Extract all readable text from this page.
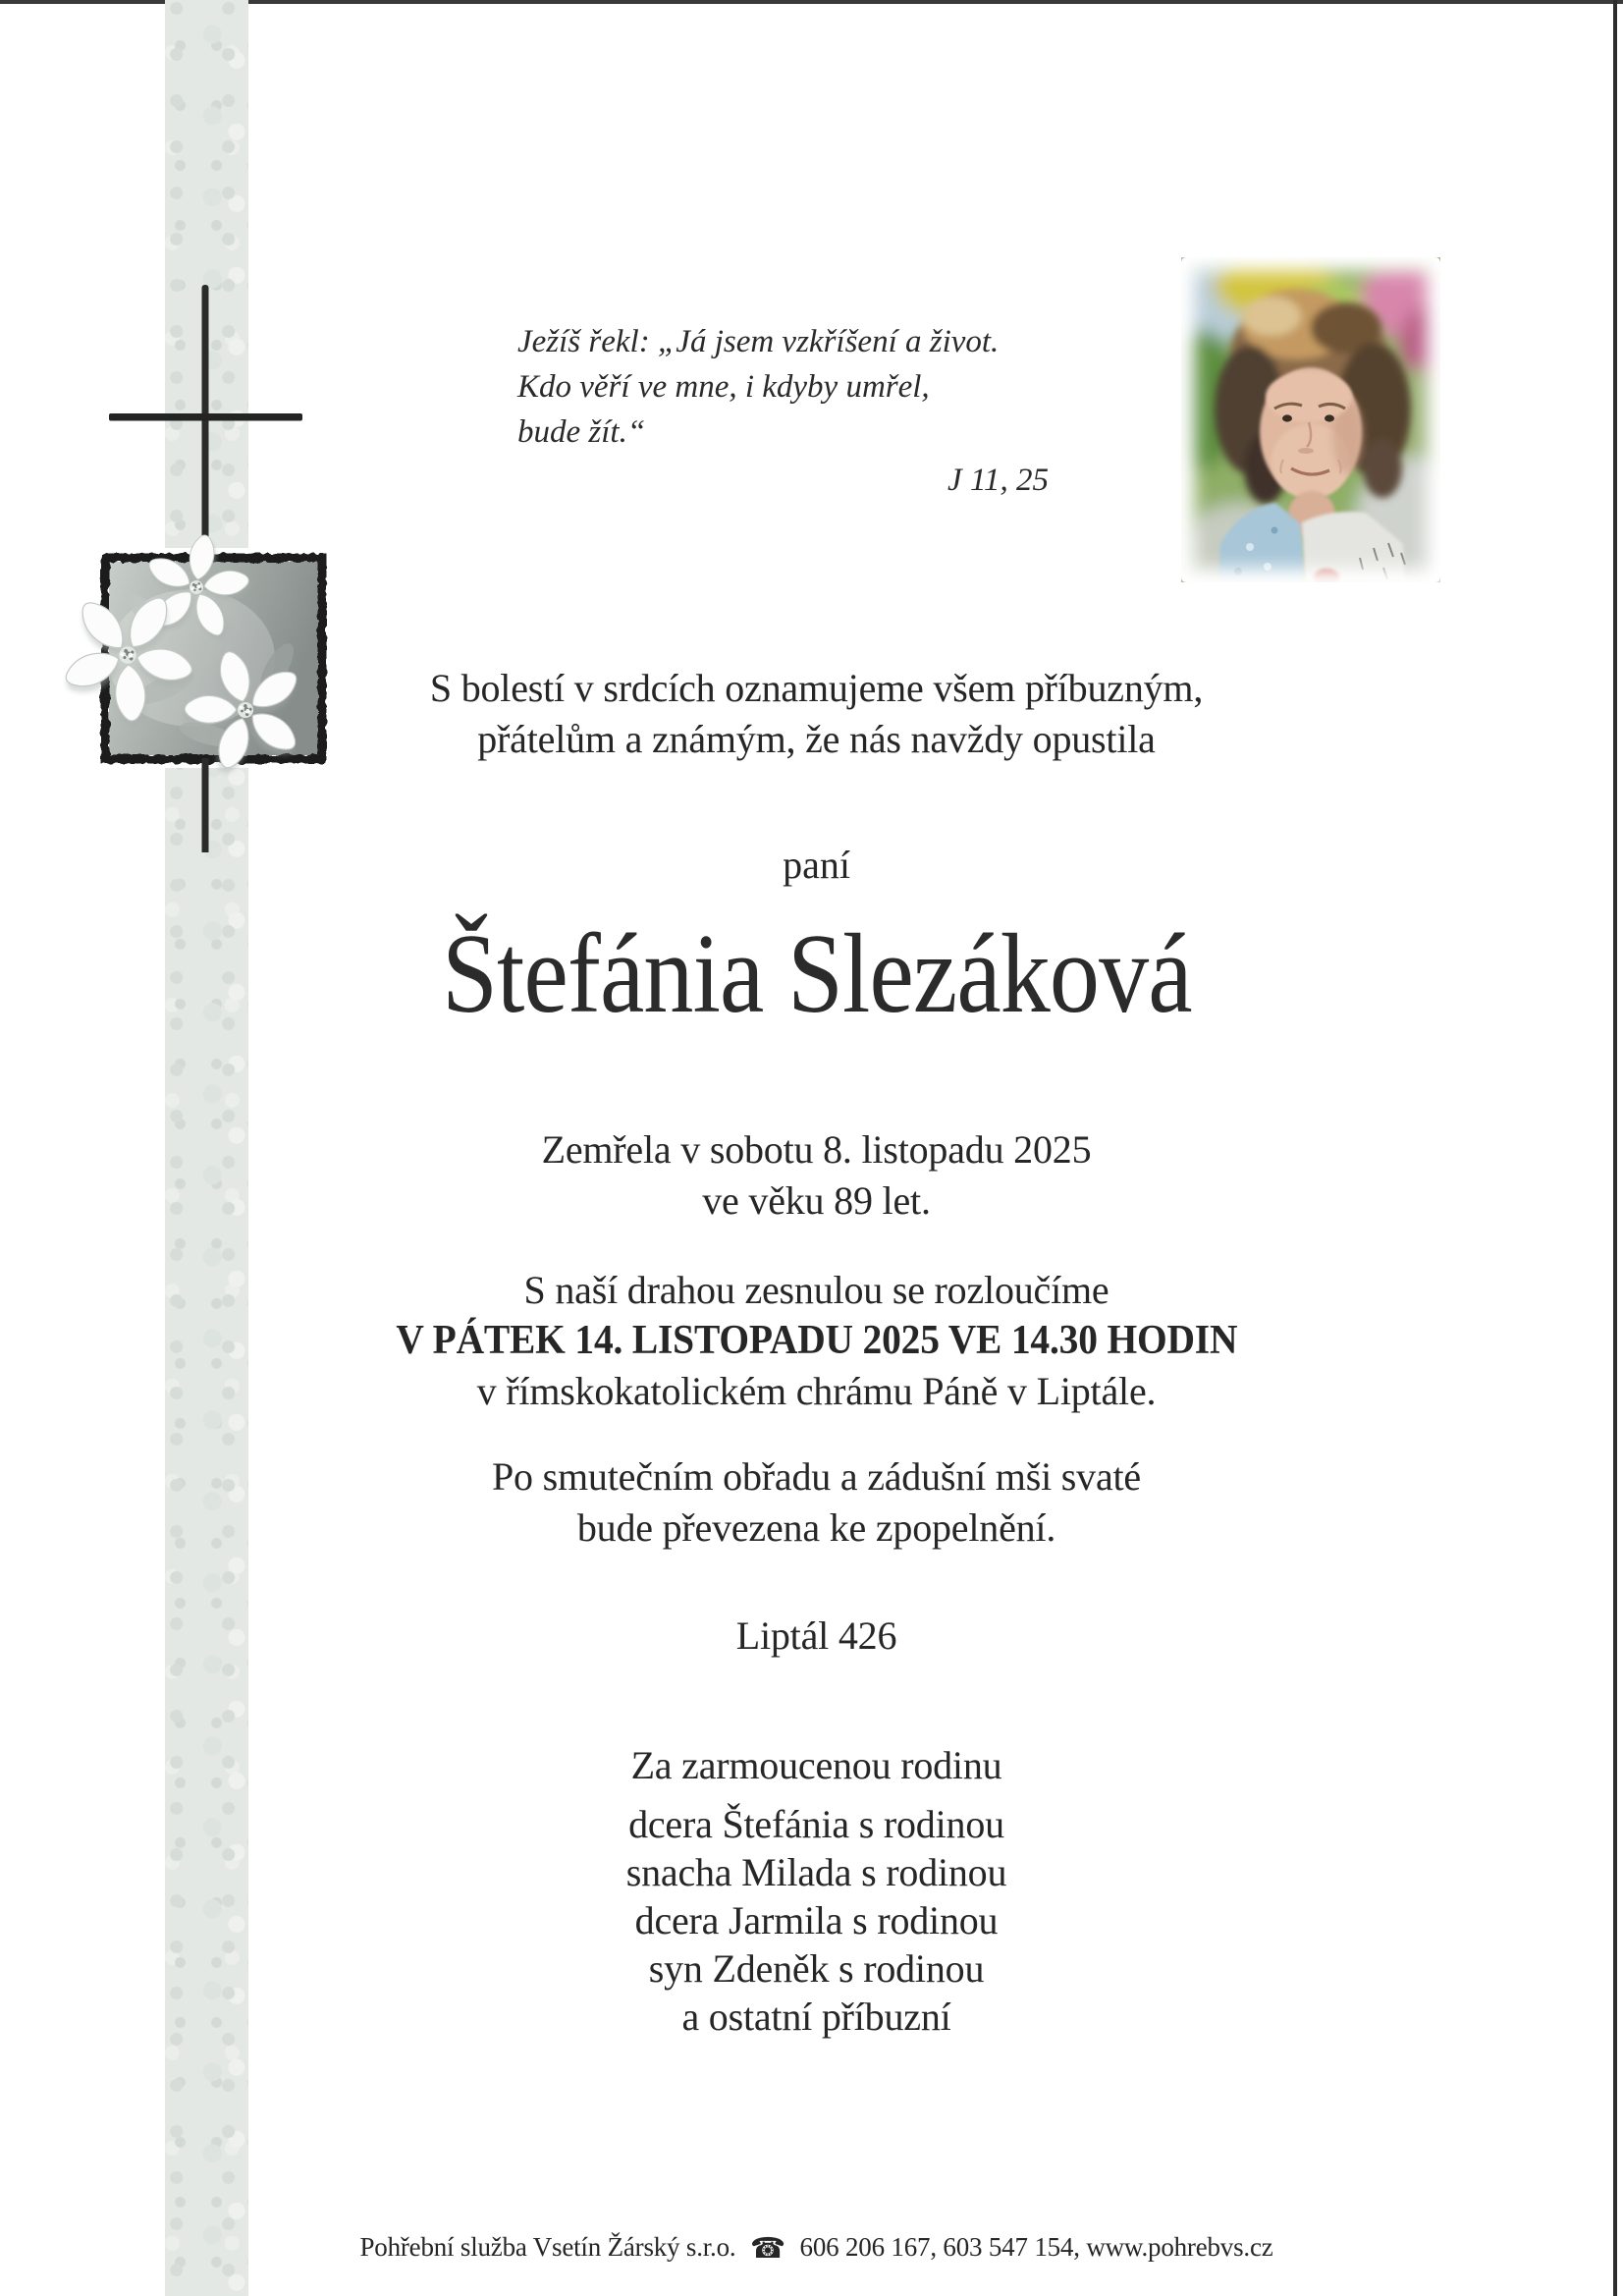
Ježíš řekl: „Já jsem vzkříšení a život.
Kdo věří ve mne, i kdyby umřel,
bude žít.“
J 11, 25
S bolestí v srdcích oznamujeme všem příbuzným,
přátelům a známým, že nás navždy opustila
paní
Štefánia Slezáková
Zemřela v sobotu 8. listopadu 2025
ve věku 89 let.
S naší drahou zesnulou se rozloučíme
V PÁTEK 14. LISTOPADU 2025 VE 14.30 HODIN
v římskokatolickém chrámu Páně v Liptále.
Po smutečním obřadu a zádušní mši svaté
bude převezena ke zpopelnění.
Liptál 426
Za zarmoucenou rodinu
dcera Štefánia s rodinou
snacha Milada s rodinou
dcera Jarmila s rodinou
syn Zdeněk s rodinou
a ostatní příbuzní
Pohřební služba Vsetín Žárský s.r.o. ☎ 606 206 167, 603 547 154, www.pohrebvs.cz
